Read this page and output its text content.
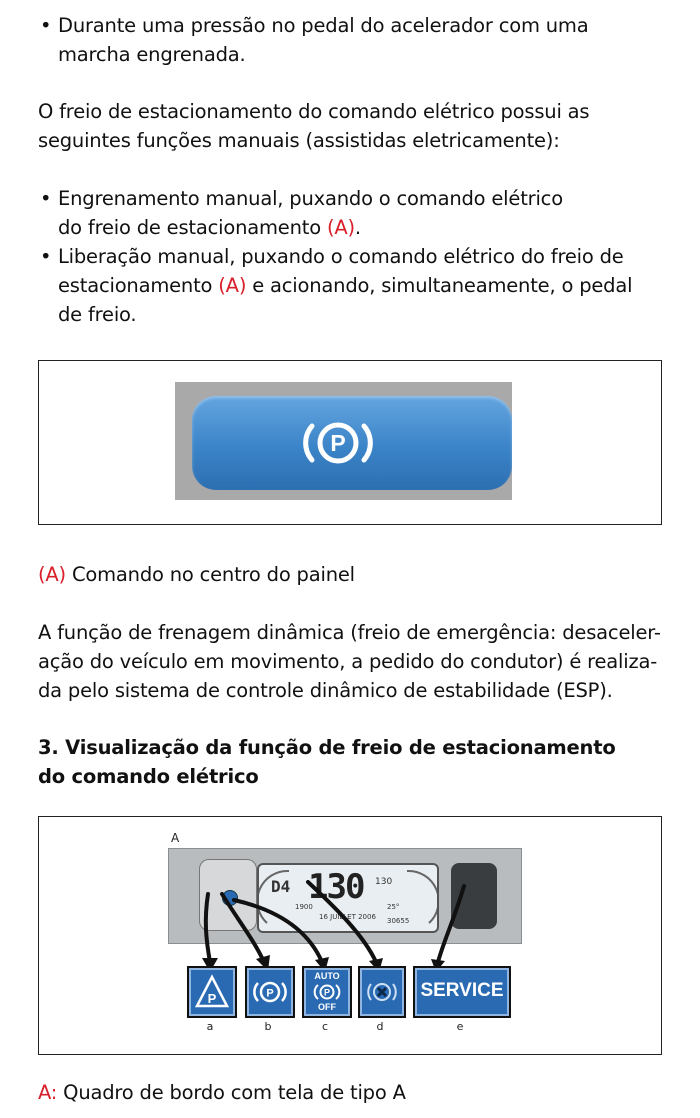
• Durante uma pressão no pedal do acelerador com uma
marcha engrenada.
O freio de estacionamento do comando elétrico possui as
seguintes funções manuais (assistidas eletricamente):
• Engrenamento manual, puxando o comando elétrico
do freio de estacionamento (A).
• Liberação manual, puxando o comando elétrico do freio de
estacionamento (A) e acionando, simultaneamente, o pedal
de freio.
P
(A) Comando no centro do painel
A função de frenagem dinâmica (freio de emergência: desaceler-
ação do veículo em movimento, a pedido do condutor) é realiza-
da pelo sistema de controle dinâmico de estabilidade (ESP).
3. Visualização da função de freio de estacionamento
do comando elétrico
A
D4 130 130
1900	25°
16 JUILLET 2006 30655
P
a
P
b
AUTO
P
OFF
c	d
SERVICE
e
A: Quadro de bordo com tela de tipo A
